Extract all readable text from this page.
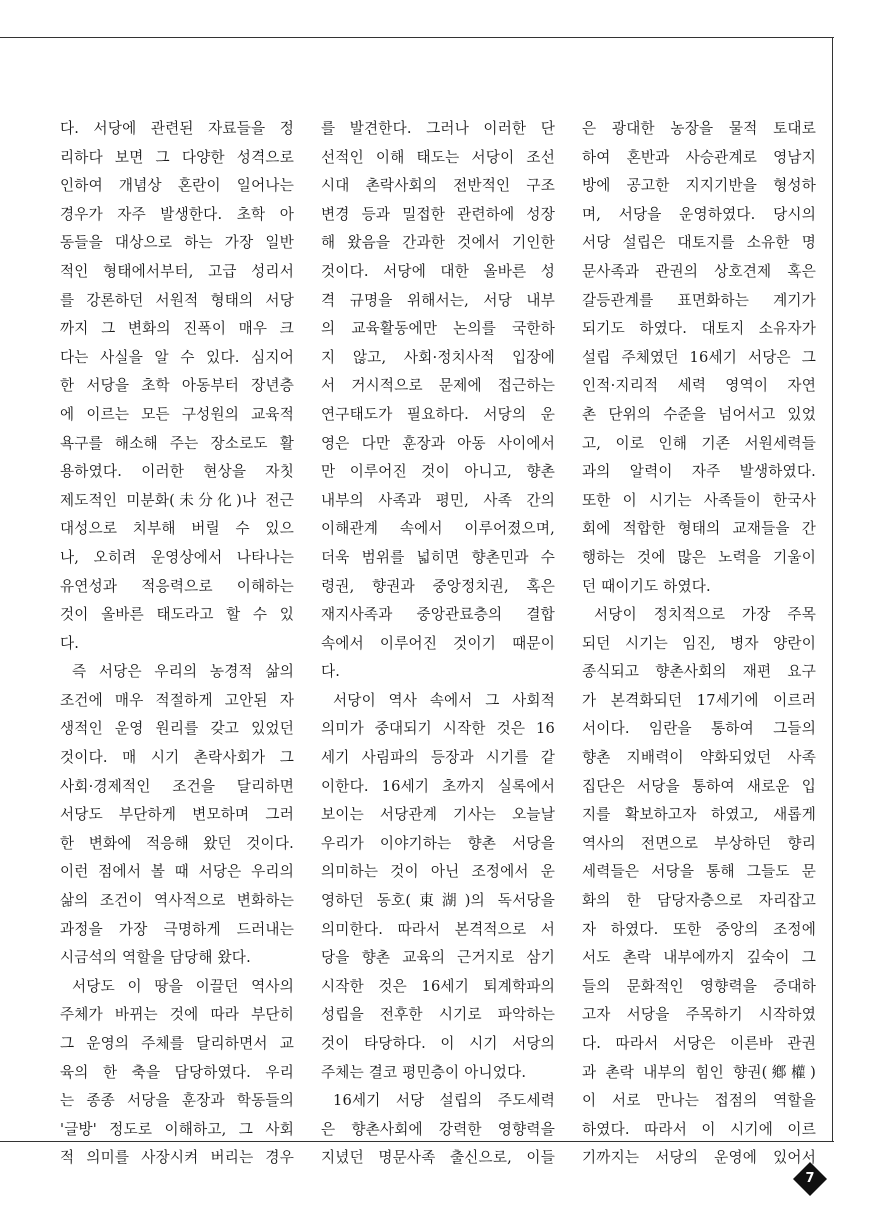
다. 서당에 관련된 자료들을 정
리하다 보면 그 다양한 성격으로
인하여 개념상 혼란이 일어나는
경우가 자주 발생한다. 초학 아
동들을 대상으로 하는 가장 일반
적인 형태에서부터, 고급 성리서
를 강론하던 서원적 형태의 서당
까지 그 변화의 진폭이 매우 크
다는 사실을 알 수 있다. 심지어
한 서당을 초학 아동부터 장년층
에 이르는 모든 구성원의 교육적
욕구를 해소해 주는 장소로도 활
용하였다. 이러한 현상을 자칫
제도적인 미분화(未分化)나 전근
대성으로 치부해 버릴 수 있으
나, 오히려 운영상에서 나타나는
유연성과 적응력으로 이해하는
것이 올바른 태도라고 할 수 있
다.
즉 서당은 우리의 농경적 삶의
조건에 매우 적절하게 고안된 자
생적인 운영 원리를 갖고 있었던
것이다. 매 시기 촌락사회가 그
사회·경제적인 조건을 달리하면
서당도 부단하게 변모하며 그러
한 변화에 적응해 왔던 것이다.
이런 점에서 볼 때 서당은 우리의
삶의 조건이 역사적으로 변화하는
과정을 가장 극명하게 드러내는
시금석의 역할을 담당해 왔다.
서당도 이 땅을 이끌던 역사의
주체가 바뀌는 것에 따라 부단히
그 운영의 주체를 달리하면서 교
육의 한 축을 담당하였다. 우리
는 종종 서당을 훈장과 학동들의
'글방' 정도로 이해하고, 그 사회
적 의미를 사장시켜 버리는 경우
를 발견한다. 그러나 이러한 단
선적인 이해 태도는 서당이 조선
시대 촌락사회의 전반적인 구조
변경 등과 밀접한 관련하에 성장
해 왔음을 간과한 것에서 기인한
것이다. 서당에 대한 올바른 성
격 규명을 위해서는, 서당 내부
의 교육활동에만 논의를 국한하
지 않고, 사회·정치사적 입장에
서 거시적으로 문제에 접근하는
연구태도가 필요하다. 서당의 운
영은 다만 훈장과 아동 사이에서
만 이루어진 것이 아니고, 향촌
내부의 사족과 평민, 사족 간의
이해관계 속에서 이루어졌으며,
더욱 범위를 넓히면 향촌민과 수
령권, 향권과 중앙정치권, 혹은
재지사족과 중앙관료층의 결합
속에서 이루어진 것이기 때문이
다.
서당이 역사 속에서 그 사회적
의미가 중대되기 시작한 것은 16
세기 사림파의 등장과 시기를 같
이한다. 16세기 초까지 실록에서
보이는 서당관계 기사는 오늘날
우리가 이야기하는 향촌 서당을
의미하는 것이 아닌 조정에서 운
영하던 동호(東湖)의 독서당을
의미한다. 따라서 본격적으로 서
당을 향촌 교육의 근거지로 삼기
시작한 것은 16세기 퇴계학파의
성립을 전후한 시기로 파악하는
것이 타당하다. 이 시기 서당의
주체는 결코 평민층이 아니었다.
16세기 서당 설립의 주도세력
은 향촌사회에 강력한 영향력을
지녔던 명문사족 출신으로, 이들
은 광대한 농장을 물적 토대로
하여 혼반과 사승관계로 영남지
방에 공고한 지지기반을 형성하
며, 서당을 운영하였다. 당시의
서당 설립은 대토지를 소유한 명
문사족과 관권의 상호견제 혹은
갈등관계를 표면화하는 계기가
되기도 하였다. 대토지 소유자가
설립 주체였던 16세기 서당은 그
인적·지리적 세력 영역이 자연
촌 단위의 수준을 넘어서고 있었
고, 이로 인해 기존 서원세력들
과의 알력이 자주 발생하였다.
또한 이 시기는 사족들이 한국사
회에 적합한 형태의 교재들을 간
행하는 것에 많은 노력을 기울이
던 때이기도 하였다.
서당이 정치적으로 가장 주목
되던 시기는 임진, 병자 양란이
종식되고 향촌사회의 재편 요구
가 본격화되던 17세기에 이르러
서이다. 임란을 통하여 그들의
향촌 지배력이 약화되었던 사족
집단은 서당을 통하여 새로운 입
지를 확보하고자 하였고, 새롭게
역사의 전면으로 부상하던 향리
세력들은 서당을 통해 그들도 문
화의 한 담당자층으로 자리잡고
자 하였다. 또한 중앙의 조정에
서도 촌락 내부에까지 깊숙이 그
들의 문화적인 영향력을 증대하
고자 서당을 주목하기 시작하였
다. 따라서 서당은 이른바 관권
과 촌락 내부의 힘인 향권(鄕權)
이 서로 만나는 접점의 역할을
하였다. 따라서 이 시기에 이르
기까지는 서당의 운영에 있어서
7
